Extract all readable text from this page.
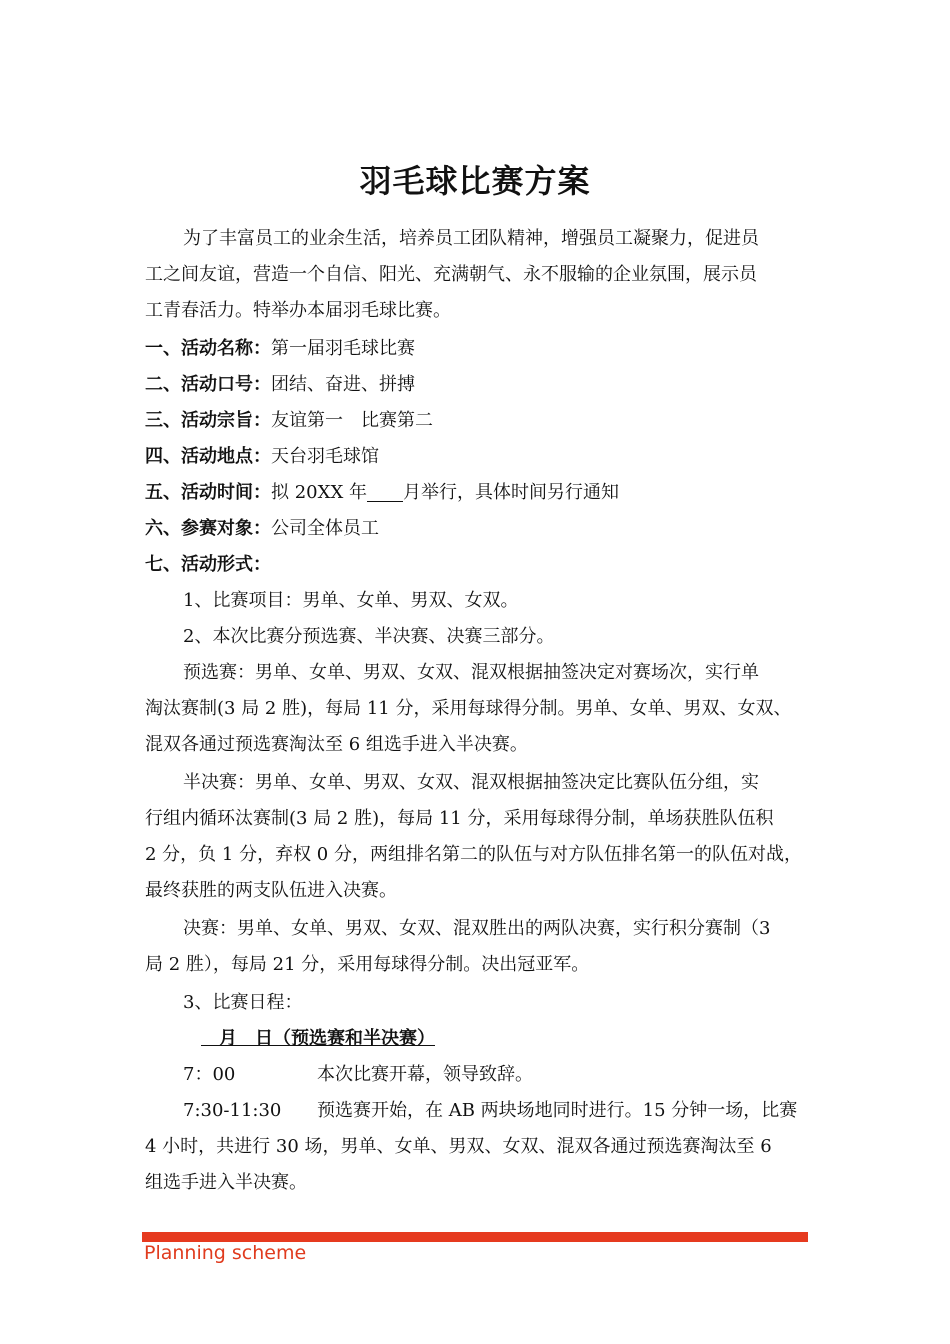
羽毛球比赛方案
为了丰富员工的业余生活，培养员工团队精神，增强员工凝聚力，促进员
工之间友谊，营造一个自信、阳光、充满朝气、永不服输的企业氛围，展示员
工青春活力。特举办本届羽毛球比赛。
一、活动名称：第一届羽毛球比赛
二、活动口号：团结、奋进、拼搏
三、活动宗旨：友谊第一　比赛第二
四、活动地点：天台羽毛球馆
五、活动时间：拟 20XX 年 月举行，具体时间另行通知
六、参赛对象：公司全体员工
七、活动形式：
1、比赛项目：男单、女单、男双、女双。
2、本次比赛分预选赛、半决赛、决赛三部分。
预选赛：男单、女单、男双、女双、混双根据抽签决定对赛场次，实行单
淘汰赛制(3 局 2 胜)，每局 11 分，采用每球得分制。男单、女单、男双、女双、
混双各通过预选赛淘汰至 6 组选手进入半决赛。
半决赛：男单、女单、男双、女双、混双根据抽签决定比赛队伍分组，实
行组内循环汰赛制(3 局 2 胜)，每局 11 分，采用每球得分制，单场获胜队伍积
2 分，负 1 分，弃权 0 分，两组排名第二的队伍与对方队伍排名第一的队伍对战，
最终获胜的两支队伍进入决赛。
决赛：男单、女单、男双、女双、混双胜出的两队决赛，实行积分赛制（3
局 2 胜），每局 21 分，采用每球得分制。决出冠亚军。
3、比赛日程：
　月　日（预选赛和半决赛）
7：00	本次比赛开幕，领导致辞。
7:30-11:30 预选赛开始，在 AB 两块场地同时进行。15 分钟一场，比赛
4 小时，共进行 30 场，男单、女单、男双、女双、混双各通过预选赛淘汰至 6
组选手进入半决赛。
Planning scheme
